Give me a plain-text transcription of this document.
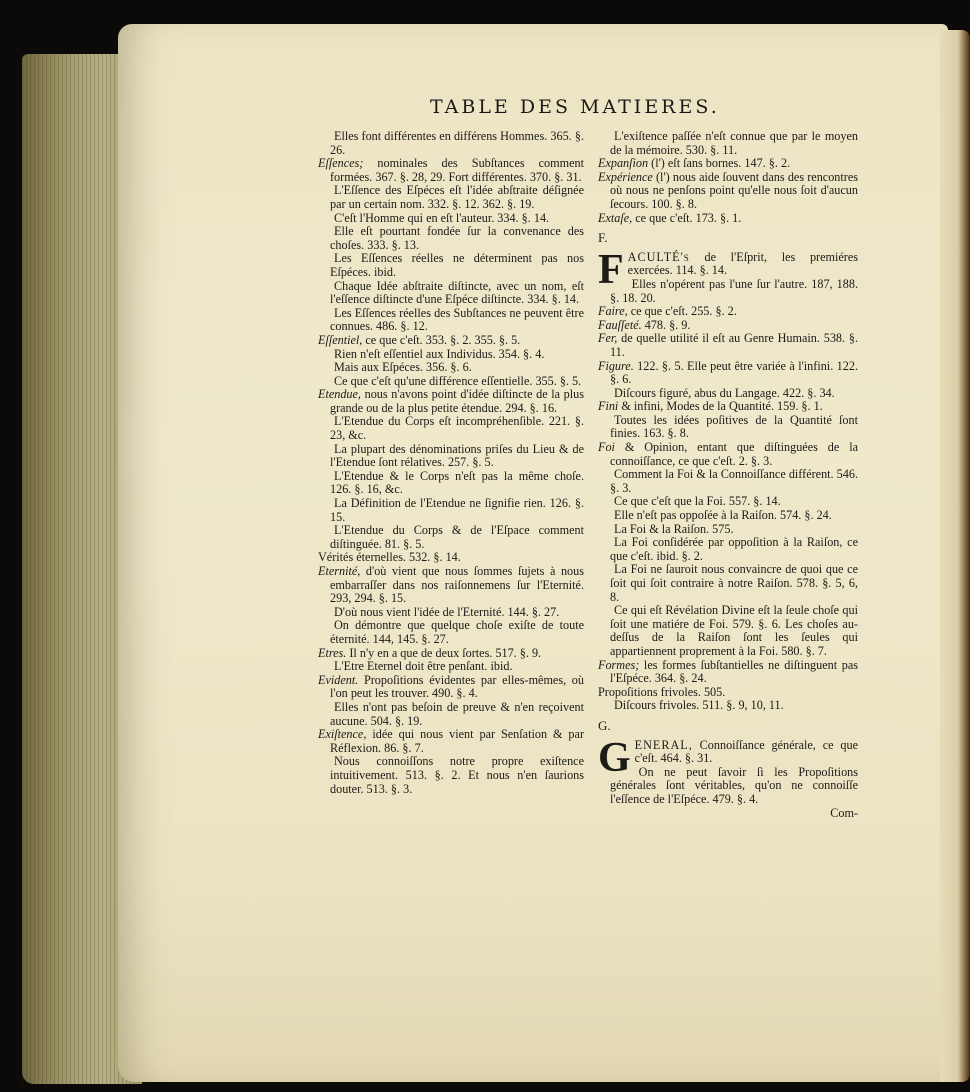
TABLE DES MATIERES.

Elles font différentes en différens Hommes. 365. §. 26.

Eſſences; nominales des Subſtances comment formées. 367. §. 28, 29. Fort différentes. 370. §. 31.

L'Eſſence des Eſpéces eſt l'idée abſtraite déſignée par un certain nom. 332. §. 12. 362. §. 19.

C'eſt l'Homme qui en eſt l'auteur. 334. §. 14.

Elle eſt pourtant fondée ſur la convenance des choſes. 333. §. 13.

Les Eſſences réelles ne déterminent pas nos Eſpéces. ibid.

Chaque Idée abſtraite diſtincte, avec un nom, eſt l'eſſence diſtincte d'une Eſpéce diſtincte. 334. §. 14.

Les Eſſences réelles des Subſtances ne peuvent être connues. 486. §. 12.

Eſſentiel, ce que c'eſt. 353. §. 2. 355. §. 5.

Rien n'eſt eſſentiel aux Individus. 354. §. 4.

Mais aux Eſpéces. 356. §. 6.

Ce que c'eſt qu'une différence eſſentielle. 355. §. 5.

Etendue, nous n'avons point d'idée diſtincte de la plus grande ou de la plus petite étendue. 294. §. 16.

L'Etendue du Corps eſt incompréhenſible. 221. §. 23, &c.

La plupart des dénominations priſes du Lieu & de l'Etendue ſont rélatives. 257. §. 5.

L'Etendue & le Corps n'eſt pas la même choſe. 126. §. 16, &c.

La Définition de l'Etendue ne ſignifie rien. 126. §. 15.

L'Etendue du Corps & de l'Eſpace comment diſtinguée. 81. §. 5.

Vérités éternelles. 532. §. 14.

Eternité, d'où vient que nous ſommes ſujets à nous embarraſſer dans nos raiſonnemens ſur l'Eternité. 293, 294. §. 15.

D'où nous vient l'idée de l'Eternité. 144. §. 27.

On démontre que quelque choſe exiſte de toute éternité. 144, 145. §. 27.

Etres. Il n'y en a que de deux ſortes. 517. §. 9.

L'Etre Eternel doit être penſant. ibid.

Evident. Propoſitions évidentes par elles-mêmes, où l'on peut les trouver. 490. §. 4.

Elles n'ont pas beſoin de preuve & n'en reçoivent aucune. 504. §. 19.

Exiſtence, idée qui nous vient par Senſation & par Réflexion. 86. §. 7.

Nous connoiſſons notre propre exiſtence intuitivement. 513. §. 2. Et nous n'en ſaurions douter. 513. §. 3.

L'exiſtence paſſée n'eſt connue que par le moyen de la mémoire. 530. §. 11.

Expanſion (l') eſt ſans bornes. 147. §. 2.

Expérience (l') nous aide ſouvent dans des rencontres où nous ne penſons point qu'elle nous ſoit d'aucun ſecours. 100. §. 8.

Extaſe, ce que c'eſt. 173. §. 1.

F.

FACULTÉ's de l'Eſprit, les premiéres exercées. 114. §. 14.

Elles n'opérent pas l'une ſur l'autre. 187, 188. §. 18. 20.

Faire, ce que c'eſt. 255. §. 2.

Fauſſeté. 478. §. 9.

Fer, de quelle utilité il eſt au Genre Humain. 538. §. 11.

Figure. 122. §. 5. Elle peut être variée à l'infini. 122. §. 6.

Diſcours figuré, abus du Langage. 422. §. 34.

Fini & infini, Modes de la Quantité. 159. §. 1.

Toutes les idées poſitives de la Quantité ſont finies. 163. §. 8.

Foi & Opinion, entant que diſtinguées de la connoiſſance, ce que c'eſt. 2. §. 3.

Comment la Foi & la Connoiſſance différent. 546. §. 3.

Ce que c'eſt que la Foi. 557. §. 14.

Elle n'eſt pas oppoſée à la Raiſon. 574. §. 24.

La Foi & la Raiſon. 575.

La Foi conſidérée par oppoſition à la Raiſon, ce que c'eſt. ibid. §. 2.

La Foi ne ſauroit nous convaincre de quoi que ce ſoit qui ſoit contraire à notre Raiſon. 578. §. 5, 6, 8.

Ce qui eſt Révélation Divine eſt la ſeule choſe qui ſoit une matiére de Foi. 579. §. 6. Les choſes au-deſſus de la Raiſon ſont les ſeules qui appartiennent proprement à la Foi. 580. §. 7.

Formes; les formes ſubſtantielles ne diſtinguent pas l'Eſpéce. 364. §. 24.

Propoſitions frivoles. 505.

Diſcours frivoles. 511. §. 9, 10, 11.

G.

GENERAL, Connoiſſance générale, ce que c'eſt. 464. §. 31.

On ne peut ſavoir ſi les Propoſitions générales ſont véritables, qu'on ne connoiſſe l'eſſence de l'Eſpéce. 479. §. 4.

Com-
